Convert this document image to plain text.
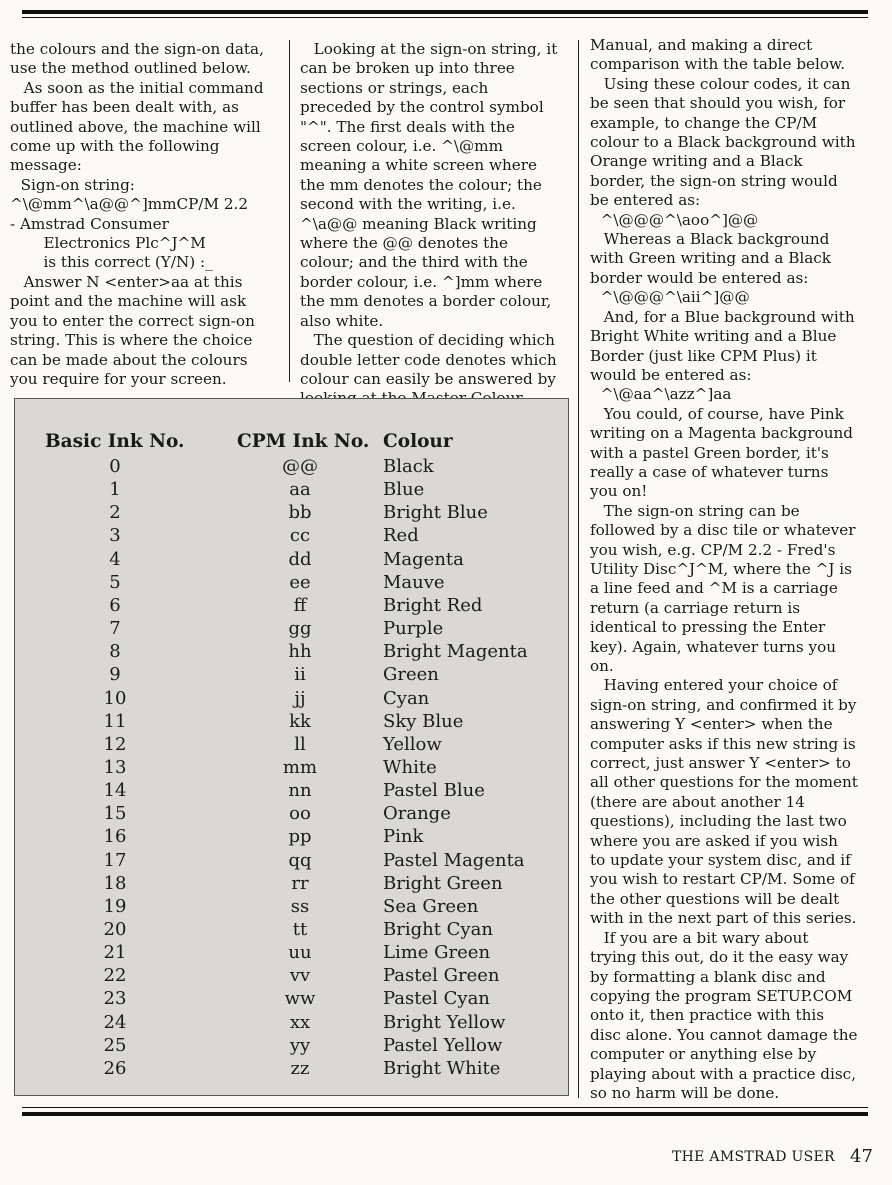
the colours and the sign-on data, use the method outlined below.

As soon as the initial command buffer has been dealt with, as outlined above, the machine will come up with the following message:

Sign-on string:

^\@mm^\a@@^]mmCP/M 2.2

- Amstrad Consumer

Electronics Plc^J^M

is this correct (Y/N) :_

Answer N <enter>aa at this point and the machine will ask you to enter the correct sign-on string. This is where the choice can be made about the colours you require for your screen.

Looking at the sign-on string, it can be broken up into three sections or strings, each preceded by the control symbol "^". The first deals with the screen colour, i.e. ^\@mm meaning a white screen where the mm denotes the colour; the second with the writing, i.e. ^\a@@ meaning Black writing where the @@ denotes the colour; and the third with the border colour, i.e. ^]mm where the mm denotes a border colour, also white.

The question of deciding which double letter code denotes which colour can easily be answered by

Manual, and making a direct comparison with the table below.

Using these colour codes, it can be seen that should you wish, for example, to change the CP/M colour to a Black background with Orange writing and a Black border, the sign-on string would be entered as:

^\@@@^\aoo^]@@

Whereas a Black background with Green writing and a Black border would be entered as:

^\@@@^\aii^]@@

And, for a Blue background with Bright White writing and a Blue Border (just like CPM Plus) it would be entered as:

^\@aa^\azz^]aa

You could, of course, have Pink writing on a Magenta background with a pastel Green border, it's really a case of whatever turns you on!

The sign-on string can be followed by a disc tile or whatever you wish, e.g. CP/M 2.2 - Fred's Utility Disc^J^M, where the ^J is a line feed and ^M is a carriage return (a carriage return is identical to pressing the Enter key). Again, whatever turns you on.

Having entered your choice of sign-on string, and confirmed it by answering Y <enter> when the computer asks if this new string is correct, just answer Y <enter> to all other questions for the moment (there are about another 14 questions), including the last two where you are asked if you wish to update your system disc, and if you wish to restart CP/M. Some of the other questions will be dealt with in the next part of this series.

If you are a bit wary about trying this out, do it the easy way by formatting a blank disc and copying the program SETUP.COM onto it, then practice with this disc alone. You cannot damage the computer or anything else by playing about with a practice disc, so no harm will be done.

Basic Ink No.	CPM Ink No. Colour
0	@@	Black
1	aa	Blue
2	bb	Bright Blue
3	cc	Red
4	dd	Magenta
5	ee	Mauve
6	ff	Bright Red
7	gg	Purple
8	hh	Bright Magenta
9	ii	Green
10	jj	Cyan
11	kk	Sky Blue
12	ll	Yellow
13	mm	White
14	nn	Pastel Blue
15	oo	Orange
16	pp	Pink
17	qq	Pastel Magenta
18	rr	Bright Green
19	ss	Sea Green
20	tt	Bright Cyan
21	uu	Lime Green
22	vv	Pastel Green
23	ww	Pastel Cyan
24	xx	Bright Yellow
25	yy	Pastel Yellow
26	zz	Bright White
THE AMSTRAD USER 47
